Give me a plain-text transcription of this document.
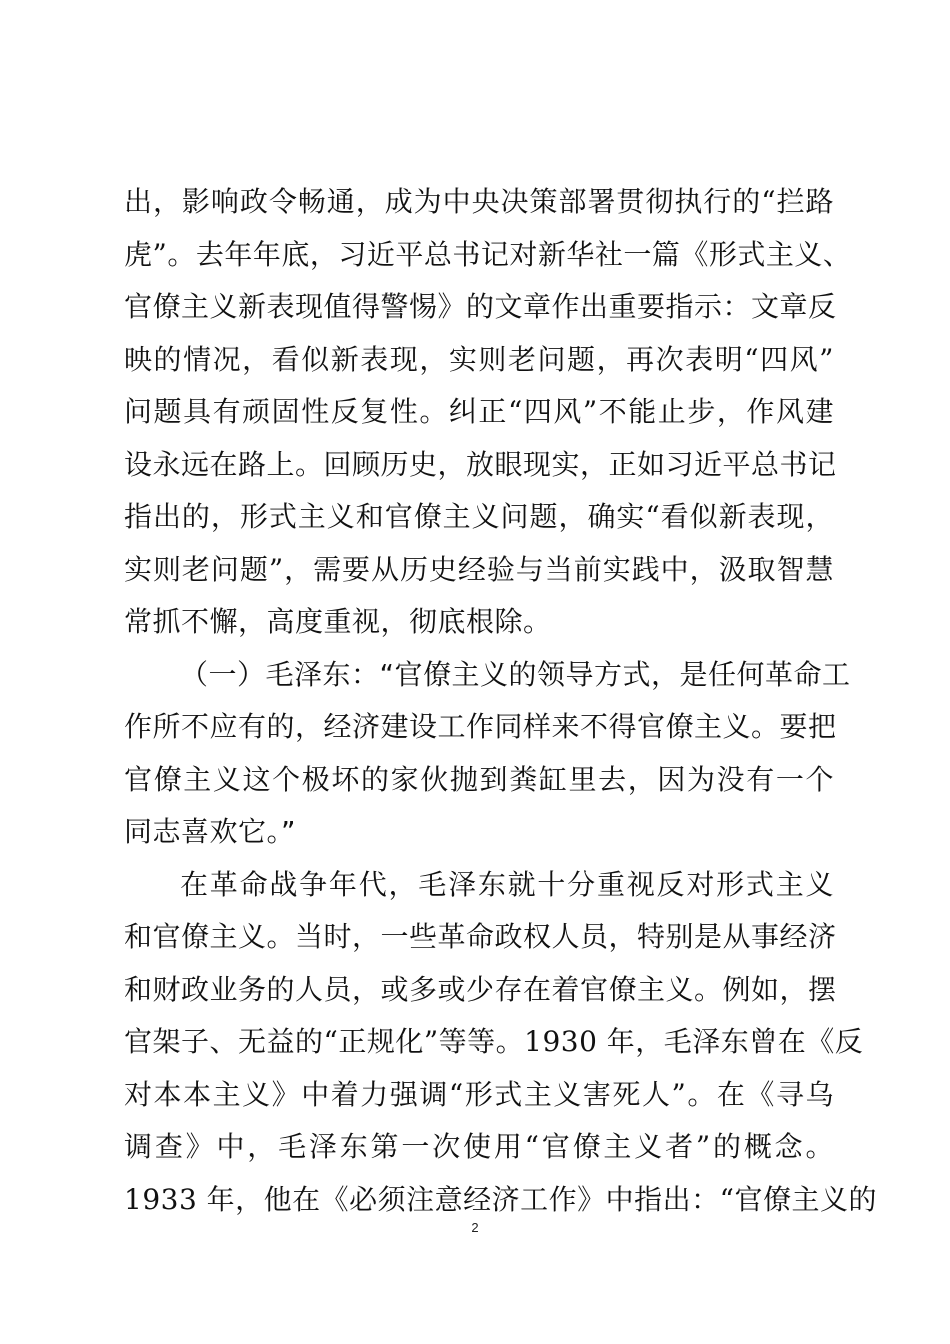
出，影响政令畅通，成为中央决策部署贯彻执行的“拦路
虎”。去年年底，习近平总书记对新华社一篇《形式主义、
官僚主义新表现值得警惕》的文章作出重要指示：文章反
映的情况，看似新表现，实则老问题，再次表明“四风”
问题具有顽固性反复性。纠正“四风”不能止步，作风建
设永远在路上。回顾历史，放眼现实，正如习近平总书记
指出的，形式主义和官僚主义问题，确实“看似新表现，
实则老问题”，需要从历史经验与当前实践中，汲取智慧
常抓不懈，高度重视，彻底根除。
（一）毛泽东：“官僚主义的领导方式，是任何革命工
作所不应有的，经济建设工作同样来不得官僚主义。要把
官僚主义这个极坏的家伙抛到粪缸里去，因为没有一个
同志喜欢它。”
在革命战争年代，毛泽东就十分重视反对形式主义
和官僚主义。当时，一些革命政权人员，特别是从事经济
和财政业务的人员，或多或少存在着官僚主义。例如，摆
官架子、无益的“正规化”等等。1930 年，毛泽东曾在《反
对本本主义》中着力强调“形式主义害死人”。在《寻乌
调查》中，毛泽东第一次使用“官僚主义者”的概念。
1933 年，他在《必须注意经济工作》中指出：“官僚主义的
2
